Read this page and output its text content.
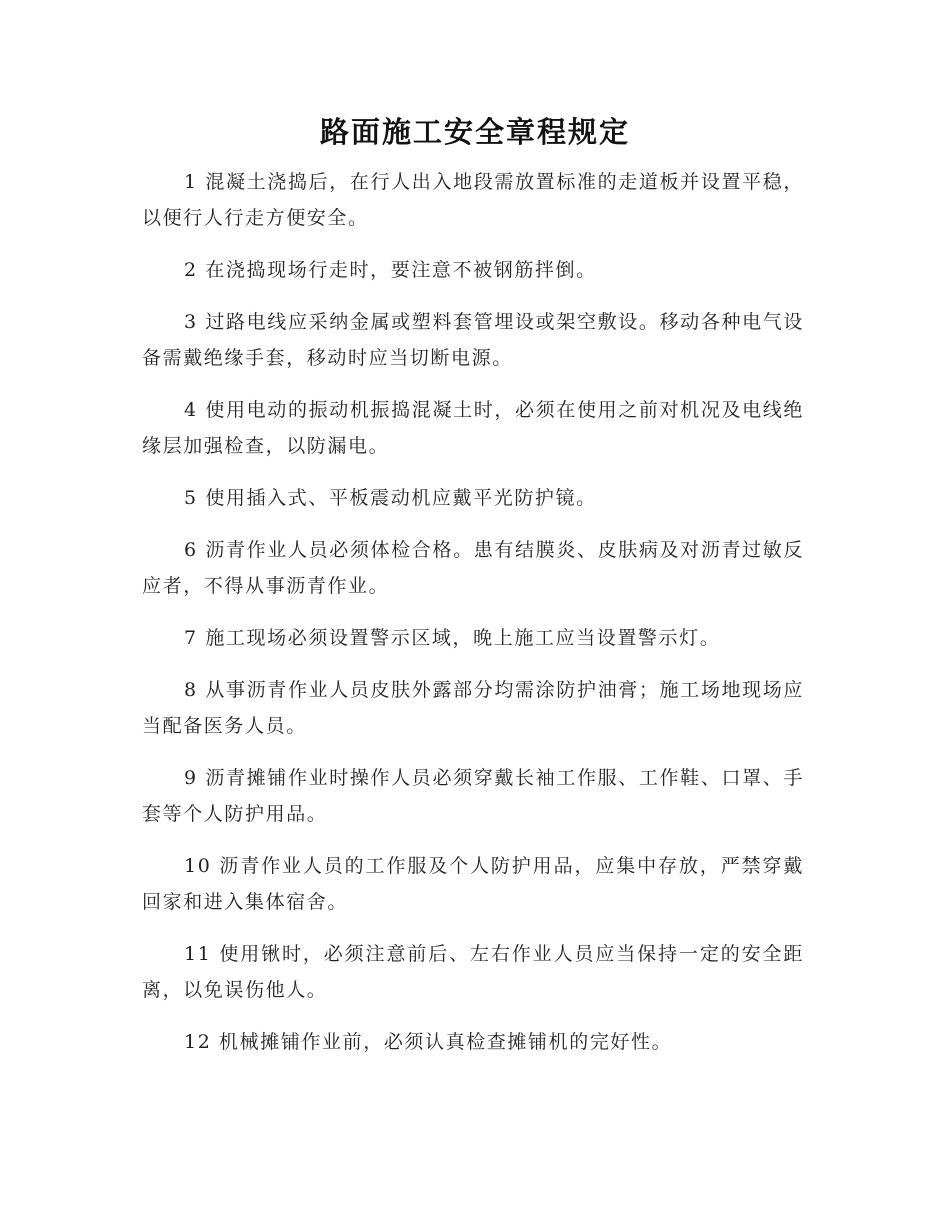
路面施工安全章程规定

1 混凝土浇捣后，在行人出入地段需放置标准的走道板并设置平稳，以便行人行走方便安全。

2 在浇捣现场行走时，要注意不被钢筋拌倒。

3 过路电线应采纳金属或塑料套管埋设或架空敷设。移动各种电气设备需戴绝缘手套，移动时应当切断电源。

4 使用电动的振动机振捣混凝土时，必须在使用之前对机况及电线绝缘层加强检查，以防漏电。

5 使用插入式、平板震动机应戴平光防护镜。

6 沥青作业人员必须体检合格。患有结膜炎、皮肤病及对沥青过敏反应者，不得从事沥青作业。

7 施工现场必须设置警示区域，晚上施工应当设置警示灯。

8 从事沥青作业人员皮肤外露部分均需涂防护油膏；施工场地现场应当配备医务人员。

9 沥青摊铺作业时操作人员必须穿戴长袖工作服、工作鞋、口罩、手套等个人防护用品。

10 沥青作业人员的工作服及个人防护用品，应集中存放，严禁穿戴回家和进入集体宿舍。

11 使用锹时，必须注意前后、左右作业人员应当保持一定的安全距离，以免误伤他人。

12 机械摊铺作业前，必须认真检查摊铺机的完好性。
